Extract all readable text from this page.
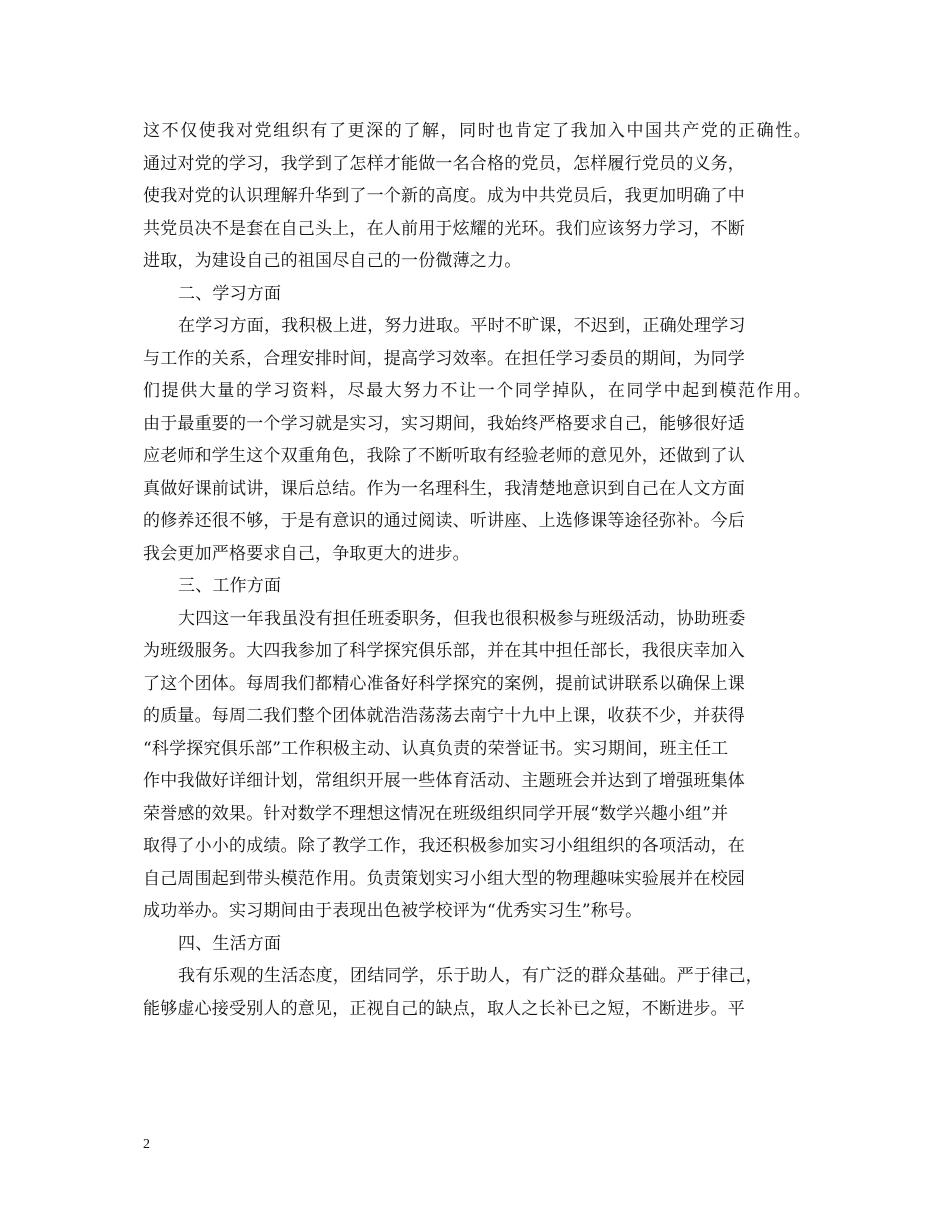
这不仅使我对党组织有了更深的了解，同时也肯定了我加入中国共产党的正确性。
通过对党的学习，我学到了怎样才能做一名合格的党员，怎样履行党员的义务，
使我对党的认识理解升华到了一个新的高度。成为中共党员后，我更加明确了中
共党员决不是套在自己头上，在人前用于炫耀的光环。我们应该努力学习，不断
进取，为建设自己的祖国尽自己的一份微薄之力。
二、学习方面
在学习方面，我积极上进，努力进取。平时不旷课，不迟到，正确处理学习
与工作的关系，合理安排时间，提高学习效率。在担任学习委员的期间，为同学
们提供大量的学习资料，尽最大努力不让一个同学掉队，在同学中起到模范作用。
由于最重要的一个学习就是实习，实习期间，我始终严格要求自己，能够很好适
应老师和学生这个双重角色，我除了不断听取有经验老师的意见外，还做到了认
真做好课前试讲，课后总结。作为一名理科生，我清楚地意识到自己在人文方面
的修养还很不够，于是有意识的通过阅读、听讲座、上选修课等途径弥补。今后
我会更加严格要求自己，争取更大的进步。
三、工作方面
大四这一年我虽没有担任班委职务，但我也很积极参与班级活动，协助班委
为班级服务。大四我参加了科学探究俱乐部，并在其中担任部长，我很庆幸加入
了这个团体。每周我们都精心准备好科学探究的案例，提前试讲联系以确保上课
的质量。每周二我们整个团体就浩浩荡荡去南宁十九中上课，收获不少，并获得
“科学探究俱乐部”工作积极主动、认真负责的荣誉证书。实习期间，班主任工
作中我做好详细计划，常组织开展一些体育活动、主题班会并达到了增强班集体
荣誉感的效果。针对数学不理想这情况在班级组织同学开展“数学兴趣小组”并
取得了小小的成绩。除了教学工作，我还积极参加实习小组组织的各项活动，在
自己周围起到带头模范作用。负责策划实习小组大型的物理趣味实验展并在校园
成功举办。实习期间由于表现出色被学校评为“优秀实习生”称号。
四、生活方面
我有乐观的生活态度，团结同学，乐于助人，有广泛的群众基础。严于律己，
能够虚心接受别人的意见，正视自己的缺点，取人之长补已之短，不断进步。平
2
